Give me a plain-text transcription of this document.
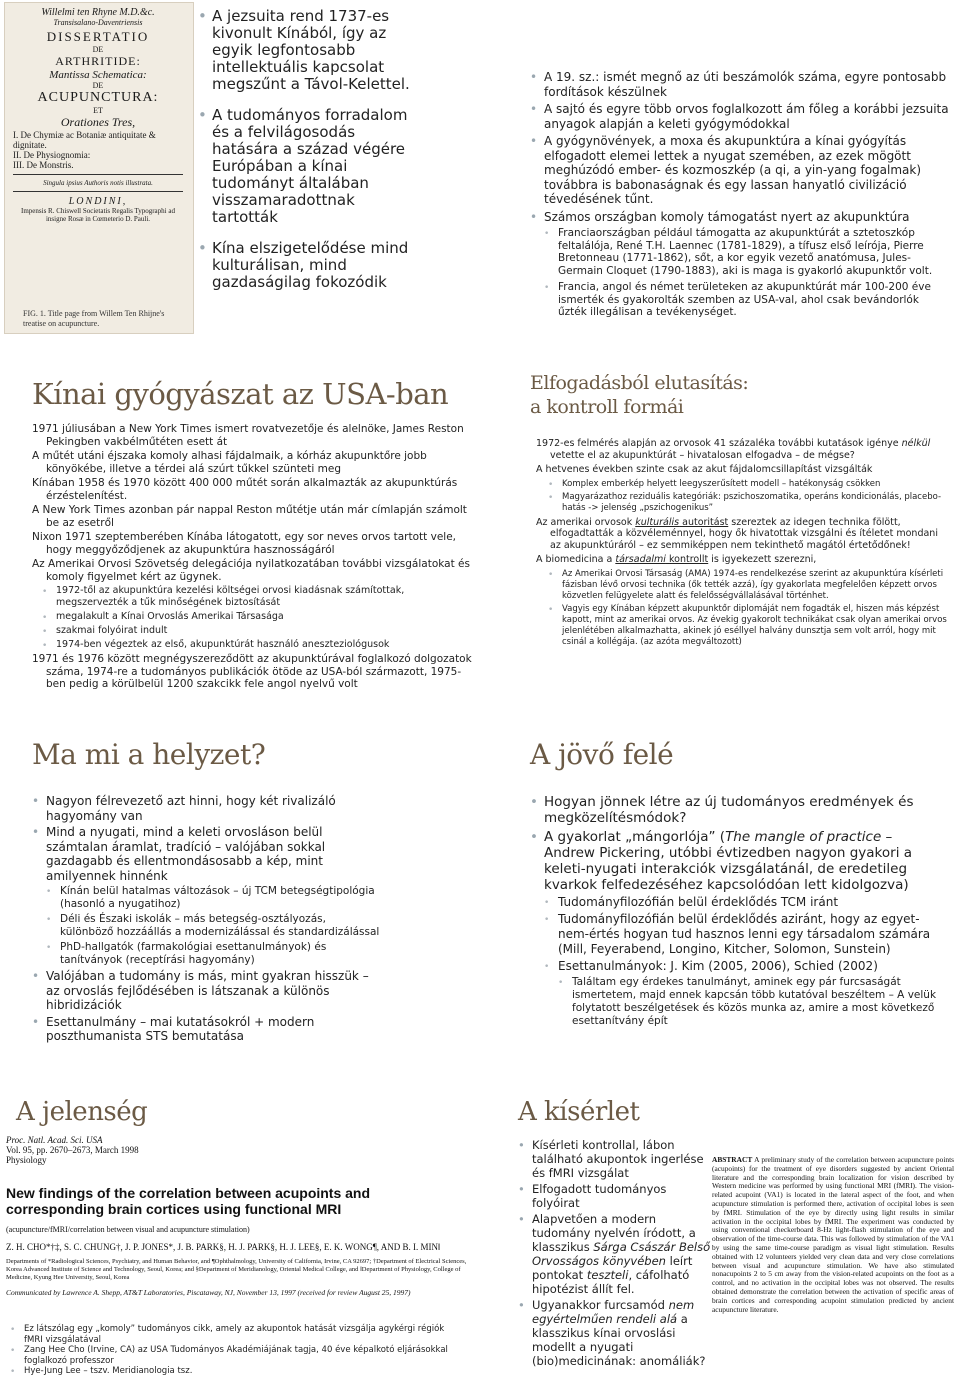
Willelmi ten Rhyne M.D.&c.
Transisalano-Daventriensis
DISSERTATIO
DE
ARTHRITIDE:
Mantissa Schematica:
DE
ACUPUNCTURA:
ET
Orationes Tres,
I. De Chymiæ ac Botaniæ antiquitate & dignitate.
II. De Physiognomia:
III. De Monstris.
Singula ipsius Authoris notis illustrata.
LONDINI,
Impensis R. Chiswell Societatis Regalis Typographi ad insigne Rosæ in Cœmeterio D. Pauli.
FIG. 1. Title page from Willem Ten Rhijne's treatise on acupuncture.
• A jezsuita rend 1737-es kivonult Kínából, így az egyik legfontosabb intellektuális kapcsolat megszűnt a Távol-Kelettel.
• A tudományos forradalom és a felvilágosodás hatására a század végére Európában a kínai tudományt általában visszamaradottnak tartották
• Kína elszigetelődése mind kulturálisan, mind gazdaságilag fokozódik
• A 19. sz.: ismét megnő az úti beszámolók száma, egyre pontosabb fordítások készülnek
• A sajtó és egyre több orvos foglalkozott ám főleg a korábbi jezsuita anyagok alapján a keleti gyógymódokkal
• A gyógynövények, a moxa és akupunktúra a kínai gyógyítás elfogadott elemei lettek a nyugat szemében, az ezek mögött meghúzódó ember- és kozmoszkép (a qi, a yin-yang fogalmak) továbbra is babonaságnak és egy lassan hanyatló civilizáció tévedésének tűnt.
• Számos országban komoly támogatást nyert az akupunktúra
• Franciaországban például támogatta az akupunktúrát a sztetoszkóp feltalálója, René T.H. Laennec (1781-1829), a tífusz első leírója, Pierre Bretonneau (1771-1862), sőt, a kor egyik vezető anatómusa, Jules-Germain Cloquet (1790-1883), aki is maga is gyakorló akupunktőr volt.
• Francia, angol és német területeken az akupunktúrát már 100-200 éve ismerték és gyakorolták szemben az USA-val, ahol csak bevándorlók űzték illegálisan a tevékenységet.
Kínai gyógyászat az USA-ban
1971 júliusában a New York Times ismert rovatvezetője és alelnöke, James Reston Pekingben vakbélműtéten esett át
A műtét utáni éjszaka komoly alhasi fájdalmaik, a kórház akupunktőre jobb könyökébe, illetve a térdei alá szúrt tűkkel szünteti meg
Kínában 1958 és 1970 között 400 000 műtét során alkalmazták az akupunktúrás érzéstelenítést.
A New York Times azonban pár nappal Reston műtétje után már címlapján számolt be az esetről
Nixon 1971 szeptemberében Kínába látogatott, egy sor neves orvos tartott vele, hogy meggyőződjenek az akupunktúra hasznosságáról
Az Amerikai Orvosi Szövetség delegációja nyilatkozatában további vizsgálatokat és komoly figyelmet kért az ügynek.
• 1972-től az akupunktúra kezelési költségei orvosi kiadásnak számítottak, megszervezték a tűk minőségének biztosítását
• megalakult a Kínai Orvoslás Amerikai Társasága
• szakmai folyóirat indult
• 1974-ben végeztek az első, akupunktúrát használó aneszteziológusok
1971 és 1976 között megnégyszereződött az akupunktúrával foglalkozó dolgozatok száma, 1974-re a tudományos publikációk ötöde az USA-ból származott, 1975-ben pedig a körülbelül 1200 szakcikk fele angol nyelvű volt
Elfogadásból elutasítás:
a kontroll formái
1972-es felmérés alapján az orvosok 41 százaléka további kutatások igénye nélkül vetette el az akupunktúrát – hivatalosan elfogadva – de mégse?
A hetvenes években szinte csak az akut fájdalomcsillapítást vizsgálták
• Komplex emberkép helyett leegyszerűsített modell – hatékonyság csökken
• Magyarázathoz reziduális kategóriák: pszichoszomatika, operáns kondicionálás, placebo-hatás -> jelenség „pszichogenikus”
Az amerikai orvosok kulturális autoritást szereztek az idegen technika fölött, elfogadtatták a közvéleménnyel, hogy ők hivatottak vizsgálni és ítéletet mondani az akupunktúráról – ez semmiképpen nem tekinthető magától értetődőnek!
A biomedicina a társadalmi kontrollt is igyekezett szerezni,
• Az Amerikai Orvosi Társaság (AMA) 1974-es rendelkezése szerint az akupunktúra kísérleti fázisban lévő orvosi technika (ők tették azzá), így gyakorlata megfelelően képzett orvos közvetlen felügyelete alatt és felelősségvállalásával történhet.
• Vagyis egy Kínában képzett akupunktőr diplomáját nem fogadták el, hiszen más képzést kapott, mint az amerikai orvos. Az évekig gyakorolt technikákat csak olyan amerikai orvos jelenlétében alkalmazhatta, akinek jó eséllyel halvány dunsztja sem volt arról, hogy mit csinál a kollégája. (az azóta megváltozott)
Ma mi a helyzet?
• Nagyon félrevezető azt hinni, hogy két rivalizáló hagyomány van
• Mind a nyugati, mind a keleti orvosláson belül számtalan áramlat, tradíció – valójában sokkal gazdagabb és ellentmondásosabb a kép, mint amilyennek hinnénk
• Kínán belül hatalmas változások – új TCM betegségtipológia (hasonló a nyugatihoz)
• Déli és Északi iskolák – más betegség-osztályozás, különböző hozzáállás a modernizálással és standardizálással
• PhD-hallgatók (farmakológiai esettanulmányok) és tanítványok (receptírási hagyomány)
• Valójában a tudomány is más, mint gyakran hisszük – az orvoslás fejlődésében is látszanak a különös hibridizációk
• Esettanulmány – mai kutatásokról + modern poszthumanista STS bemutatása
A jövő felé
• Hogyan jönnek létre az új tudományos eredmények és megközelítésmódok?
• A gyakorlat „mángorlója” (The mangle of practice – Andrew Pickering, utóbbi évtizedben nagyon gyakori a keleti-nyugati interakciók vizsgálatánál, de eredetileg kvarkok felfedezéséhez kapcsolódóan lett kidolgozva)
• Tudományfilozófián belül érdeklődés TCM iránt
• Tudományfilozófián belül érdeklődés aziránt, hogy az egyet-nem-értés hogyan tud hasznos lenni egy társadalom számára (Mill, Feyerabend, Longino, Kitcher, Solomon, Sunstein)
• Esettanulmányok: J. Kim (2005, 2006), Schied (2002)
• Találtam egy érdekes tanulmányt, aminek egy pár furcsaságát ismertetem, majd ennek kapcsán több kutatóval beszéltem – A velük folytatott beszélgetések és közös munka az, amire a most következő esettanítvány épít
A jelenség
Proc. Natl. Acad. Sci. USA
Vol. 95, pp. 2670–2673, March 1998
Physiology
New findings of the correlation between acupoints and corresponding brain cortices using functional MRI
(acupuncture/fMRI/correlation between visual and acupuncture stimulation)
Z. H. CHO*†‡, S. C. CHUNG†, J. P. JONES*, J. B. PARK§, H. J. PARK§, H. J. LEE§, E. K. WONG¶, AND B. I. MIN‖
Departments of *Radiological Sciences, Psychiatry, and Human Behavior, and ¶Ophthalmology, University of California, Irvine, CA 92697; †Department of Electrical Sciences, Korea Advanced Institute of Science and Technology, Seoul, Korea; and §Department of Meridianology, Oriental Medical College, and ‖Department of Physiology, College of Medicine, Kyung Hee University, Seoul, Korea
Communicated by Lawrence A. Shepp, AT&T Laboratories, Piscataway, NJ, November 13, 1997 (received for review August 25, 1997)
• Ez látszólag egy „komoly” tudományos cikk, amely az akupontok hatását vizsgálja agykérgi régiók fMRI vizsgálatával
• Zang Hee Cho (Irvine, CA) az USA Tudományos Akadémiájának tagja, 40 éve képalkotó eljárásokkal foglalkozó professzor
• Hye-Jung Lee – tszv. Meridianologia tsz.
A kísérlet
• Kísérleti kontrollal, lábon található akupontok ingerlése és fMRI vizsgálat
• Elfogadott tudományos folyóirat
• Alapvetően a modern tudomány nyelvén íródott, a klasszikus Sárga Császár Belső Orvosságos könyvében leírt pontokat teszteli, cáfolható hipotézist állít fel.
• Ugyanakkor furcsamód nem egyértelműen rendeli alá a klasszikus kínai orvoslási modellt a nyugati (bio)medicinának: anomáliák?
ABSTRACT A preliminary study of the correlation between acupuncture points (acupoints) for the treatment of eye disorders suggested by ancient Oriental literature and the corresponding brain localization for vision described by Western medicine was performed by using functional MRI (fMRI). The vision-related acupoint (VA1) is located in the lateral aspect of the foot, and when acupuncture stimulation is performed there, activation of occipital lobes is seen by fMRI. Stimulation of the eye by directly using light results in similar activation in the occipital lobes by fMRI. The experiment was conducted by using conventional checkerboard 8-Hz light-flash stimulation of the eye and observation of the time-course data. This was followed by stimulation of the VA1 by using the same time-course paradigm as visual light stimulation. Results obtained with 12 volunteers yielded very clean data and very close correlations between visual and acupuncture stimulation. We have also stimulated nonacupoints 2 to 5 cm away from the vision-related acupoints on the foot as a control, and no activation in the occipital lobes was not observed. The results obtained demonstrate the correlation between the activation of specific areas of brain cortices and corresponding acupoint stimulation predicted by ancient acupuncture literature.
